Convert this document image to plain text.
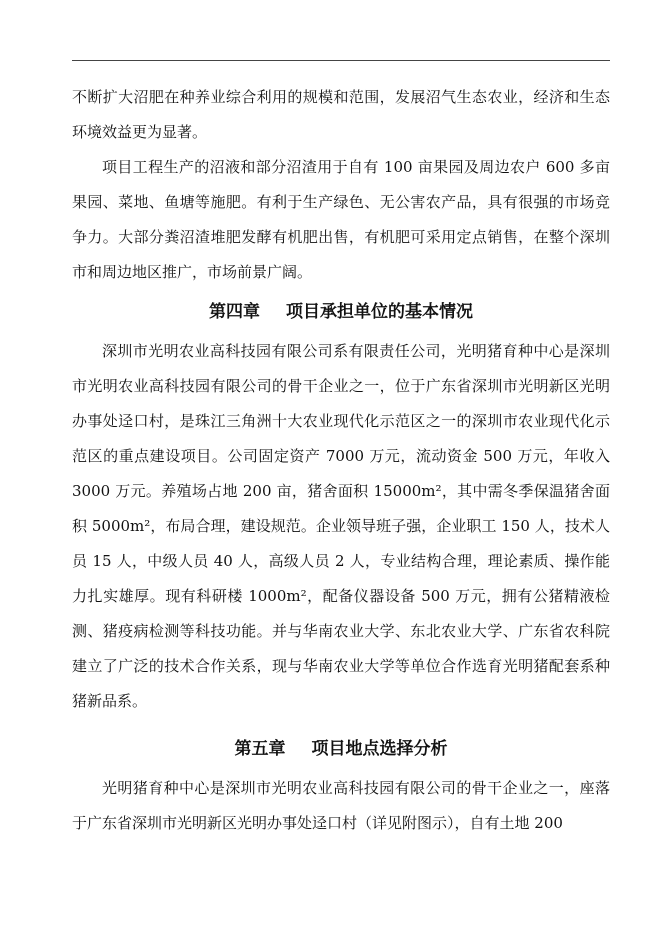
不断扩大沼肥在种养业综合利用的规模和范围，发展沼气生态农业，经济和生态环境效益更为显著。

项目工程生产的沼液和部分沼渣用于自有 100 亩果园及周边农户 600 多亩果园、菜地、鱼塘等施肥。有利于生产绿色、无公害农产品，具有很强的市场竞争力。大部分粪沼渣堆肥发酵有机肥出售，有机肥可采用定点销售，在整个深圳市和周边地区推广，市场前景广阔。

第四章 项目承担单位的基本情况

深圳市光明农业高科技园有限公司系有限责任公司，光明猪育种中心是深圳市光明农业高科技园有限公司的骨干企业之一，位于广东省深圳市光明新区光明办事处迳口村，是珠江三角洲十大农业现代化示范区之一的深圳市农业现代化示范区的重点建设项目。公司固定资产 7000 万元，流动资金 500 万元，年收入 3000 万元。养殖场占地 200 亩，猪舍面积 15000m²，其中需冬季保温猪舍面积 5000m²，布局合理，建设规范。企业领导班子强，企业职工 150 人，技术人员 15 人，中级人员 40 人，高级人员 2 人，专业结构合理，理论素质、操作能力扎实雄厚。现有科研楼 1000m²，配备仪器设备 500 万元，拥有公猪精液检测、猪疫病检测等科技功能。并与华南农业大学、东北农业大学、广东省农科院建立了广泛的技术合作关系，现与华南农业大学等单位合作选育光明猪配套系种猪新品系。

第五章 项目地点选择分析

光明猪育种中心是深圳市光明农业高科技园有限公司的骨干企业之一，座落于广东省深圳市光明新区光明办事处迳口村（详见附图示），自有土地 200
